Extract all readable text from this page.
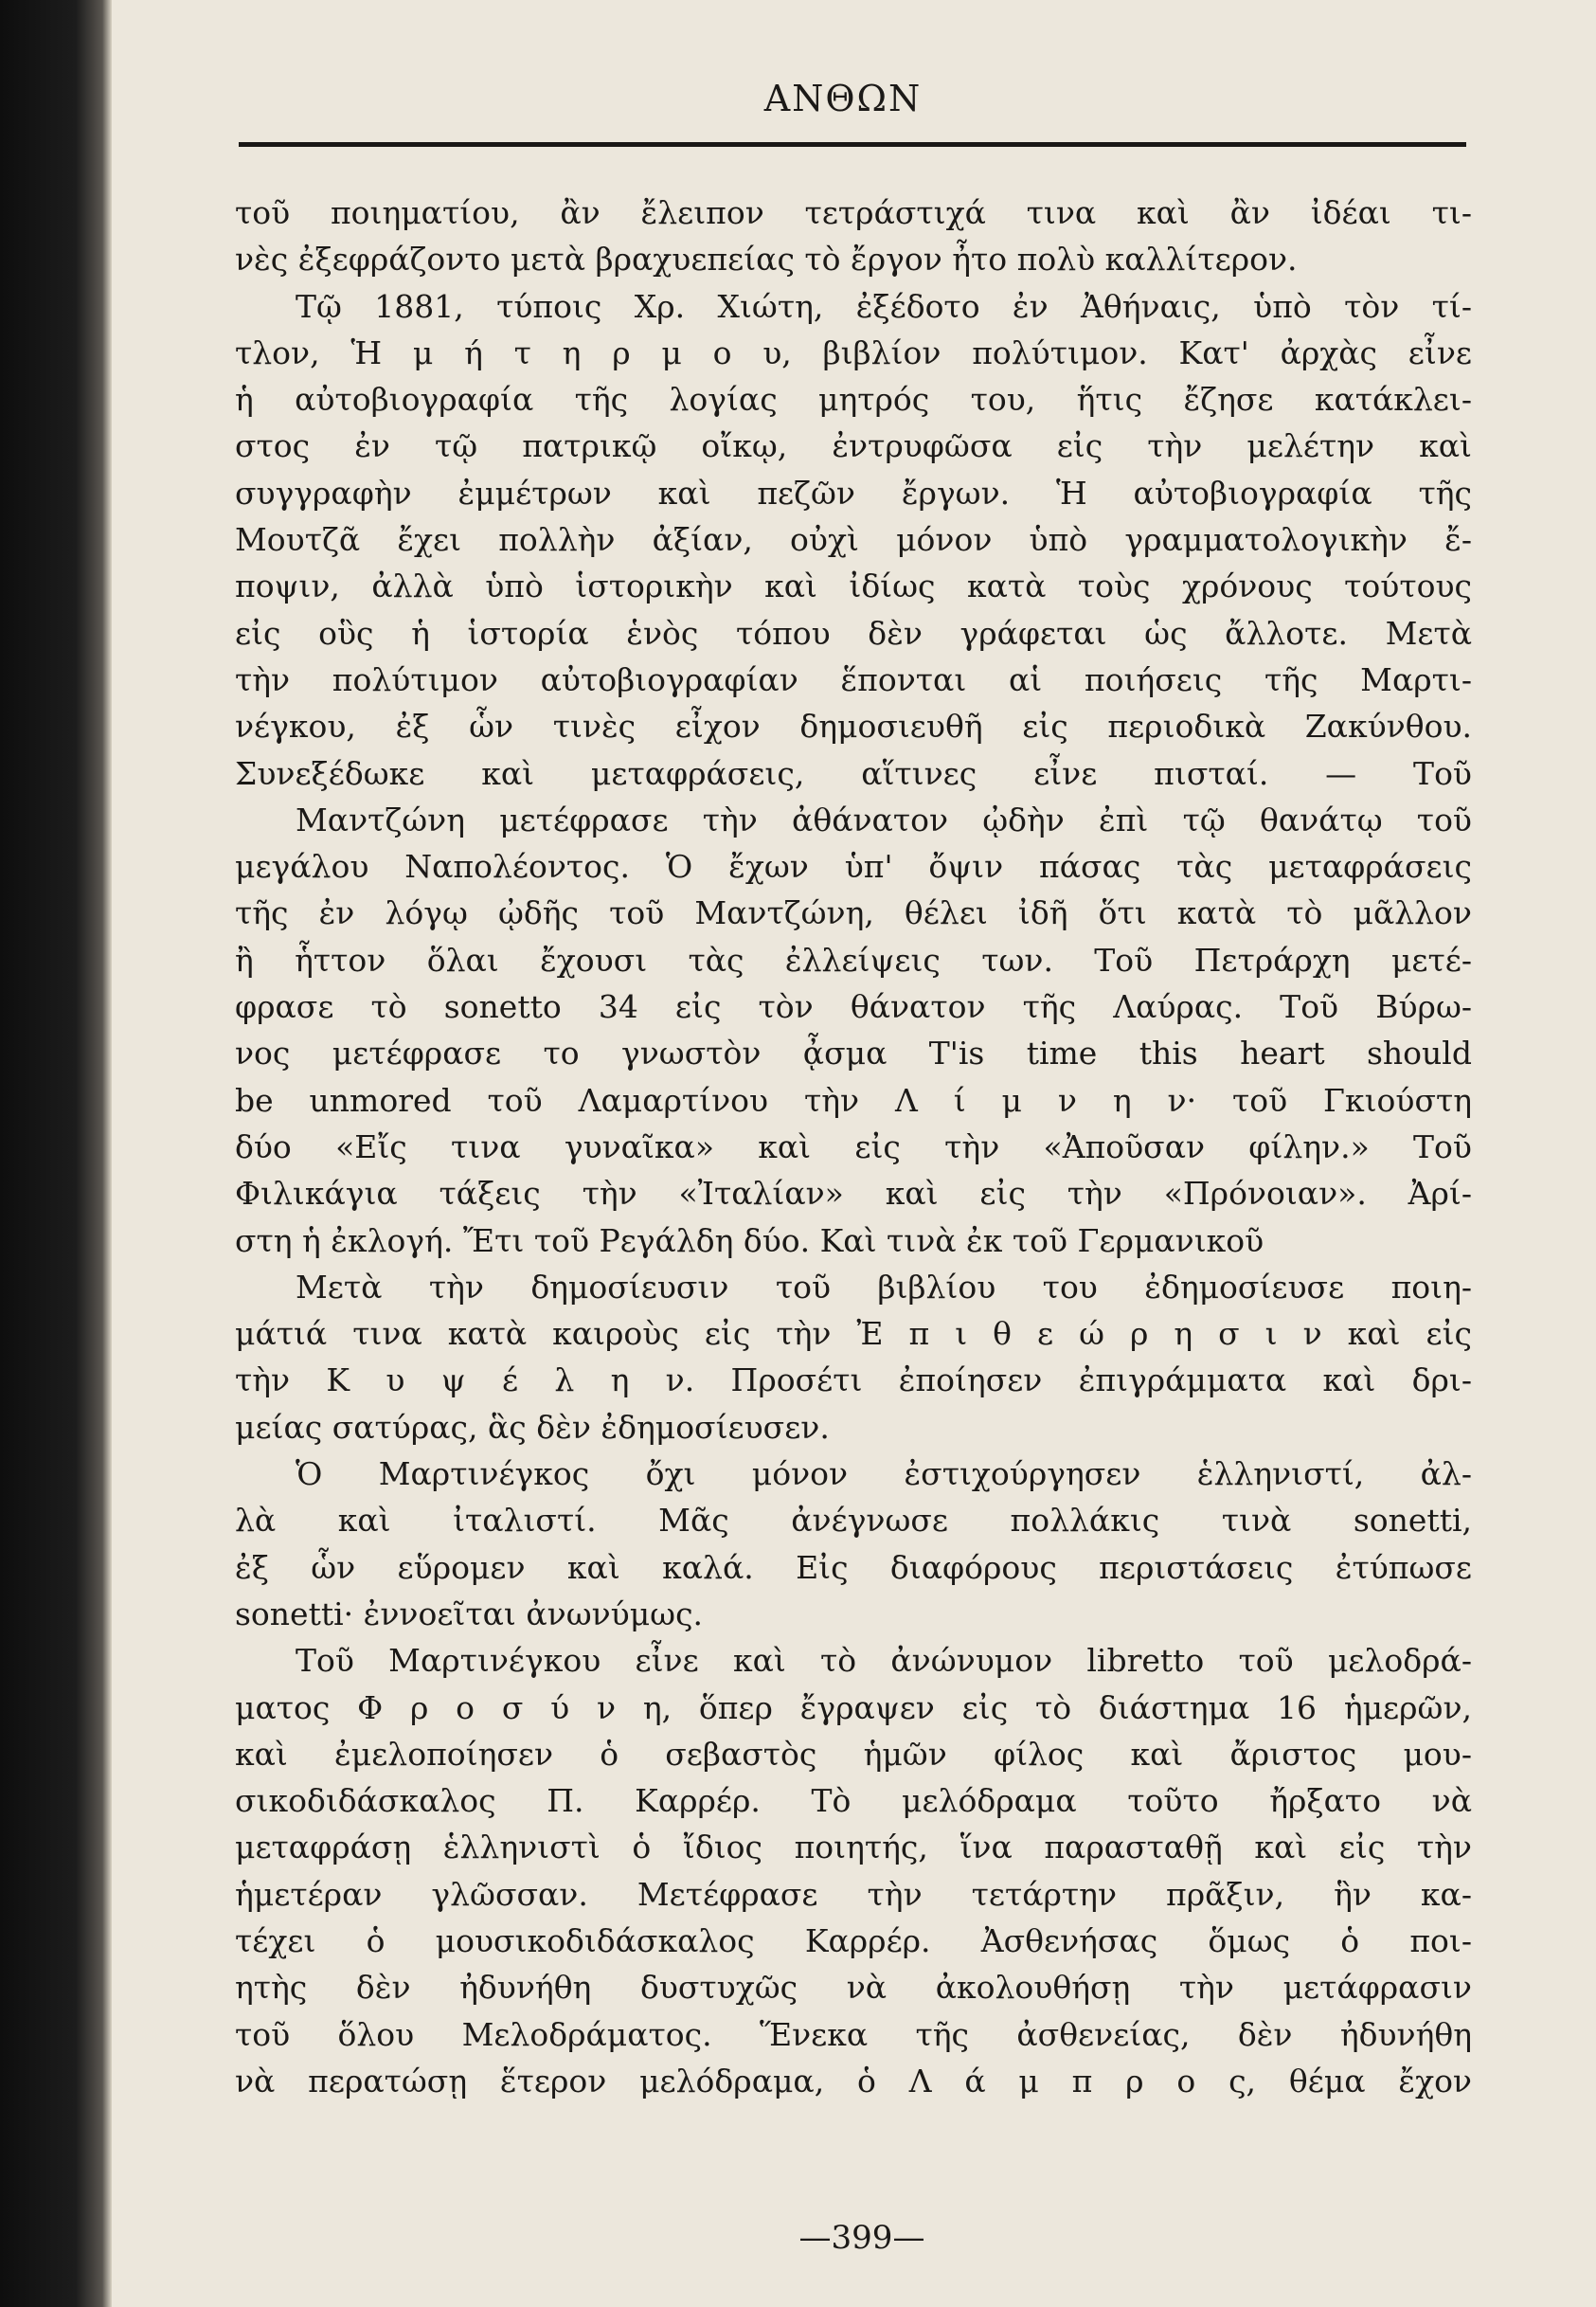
ΑΝΘΩΝ
τοῦ ποιηματίου, ἂν ἔλειπον τετράστιχά τινα καὶ ἂν ἰδέαι τι-
νὲς ἐξεφράζοντο μετὰ βραχυεπείας τὸ ἔργον ἦτο πολὺ καλλίτερον.
Τῷ 1881, τύποις Χρ. Χιώτη, ἐξέδοτο ἐν Ἀθήναις, ὑπὸ τὸν τί-
τλον, Ἡ μ ή τ η ρ μ ο υ, βιβλίον πολύτιμον. Κατ' ἀρχὰς εἶνε
ἡ αὐτοβιογραφία τῆς λογίας μητρός του, ἥτις ἔζησε κατάκλει-
στος ἐν τῷ πατρικῷ οἴκῳ, ἐντρυφῶσα εἰς τὴν μελέτην καὶ
συγγραφὴν ἐμμέτρων καὶ πεζῶν ἔργων. Ἡ αὐτοβιογραφία τῆς
Μουτζᾶ ἔχει πολλὴν ἀξίαν, οὐχὶ μόνον ὑπὸ γραμματολογικὴν ἔ-
ποψιν, ἀλλὰ ὑπὸ ἱστορικὴν καὶ ἰδίως κατὰ τοὺς χρόνους τούτους
εἰς οὓς ἡ ἱστορία ἑνὸς τόπου δὲν γράφεται ὡς ἄλλοτε. Μετὰ
τὴν πολύτιμον αὐτοβιογραφίαν ἕπονται αἱ ποιήσεις τῆς Μαρτι-
νέγκου, ἐξ ὧν τινὲς εἶχον δημοσιευθῆ εἰς περιοδικὰ Ζακύνθου.
Συνεξέδωκε καὶ μεταφράσεις, αἵτινες εἶνε πισταί. — Τοῦ
Μαντζώνη μετέφρασε τὴν ἀθάνατον ᾠδὴν ἐπὶ τῷ θανάτῳ τοῦ
μεγάλου Ναπολέοντος. Ὁ ἔχων ὑπ' ὄψιν πάσας τὰς μεταφράσεις
τῆς ἐν λόγῳ ᾠδῆς τοῦ Μαντζώνη, θέλει ἰδῆ ὅτι κατὰ τὸ μᾶλλον
ἢ ἧττον ὅλαι ἔχουσι τὰς ἐλλείψεις των. Τοῦ Πετράρχη μετέ-
φρασε τὸ sonetto 34 εἰς τὸν θάνατον τῆς Λαύρας. Τοῦ Βύρω-
νος μετέφρασε το γνωστὸν ᾆσμα T'is time this heart should
be unmored τοῦ Λαμαρτίνου τὴν Λ ί μ ν η ν· τοῦ Γκιούστη
δύο «Εἴς τινα γυναῖκα» καὶ εἰς τὴν «Ἀποῦσαν φίλην.» Τοῦ
Φιλικάγια τάξεις τὴν «Ἰταλίαν» καὶ εἰς τὴν «Πρόνοιαν». Ἀρί-
στη ἡ ἐκλογή. Ἔτι τοῦ Ρεγάλδη δύο. Καὶ τινὰ ἐκ τοῦ Γερμανικοῦ
Μετὰ τὴν δημοσίευσιν τοῦ βιβλίου του ἐδημοσίευσε ποιη-
μάτιά τινα κατὰ καιροὺς εἰς τὴν Ἐ π ι θ ε ώ ρ η σ ι ν καὶ εἰς
τὴν Κ υ ψ έ λ η ν. Προσέτι ἐποίησεν ἐπιγράμματα καὶ δρι-
μείας σατύρας, ἃς δὲν ἐδημοσίευσεν.
Ὁ Μαρτινέγκος ὄχι μόνον ἐστιχούργησεν ἑλληνιστί, ἀλ-
λὰ καὶ ἰταλιστί. Μᾶς ἀνέγνωσε πολλάκις τινὰ sonetti,
ἐξ ὧν εὕρομεν καὶ καλά. Εἰς διαφόρους περιστάσεις ἐτύπωσε
sonetti· ἐννοεῖται ἀνωνύμως.
Τοῦ Μαρτινέγκου εἶνε καὶ τὸ ἀνώνυμον libretto τοῦ μελοδρά-
ματος Φ ρ ο σ ύ ν η, ὅπερ ἔγραψεν εἰς τὸ διάστημα 16 ἡμερῶν,
καὶ ἐμελοποίησεν ὁ σεβαστὸς ἡμῶν φίλος καὶ ἄριστος μου-
σικοδιδάσκαλος Π. Καρρέρ. Τὸ μελόδραμα τοῦτο ἤρξατο νὰ
μεταφράσῃ ἑλληνιστὶ ὁ ἴδιος ποιητής, ἵνα παρασταθῇ καὶ εἰς τὴν
ἡμετέραν γλῶσσαν. Μετέφρασε τὴν τετάρτην πρᾶξιν, ἣν κα-
τέχει ὁ μουσικοδιδάσκαλος Καρρέρ. Ἀσθενήσας ὅμως ὁ ποι-
ητὴς δὲν ἠδυνήθη δυστυχῶς νὰ ἀκολουθήσῃ τὴν μετάφρασιν
τοῦ ὅλου Μελοδράματος. Ἕνεκα τῆς ἀσθενείας, δὲν ἠδυνήθη
νὰ περατώσῃ ἕτερον μελόδραμα, ὁ Λ ά μ π ρ ο ς, θέμα ἔχον
—399—
